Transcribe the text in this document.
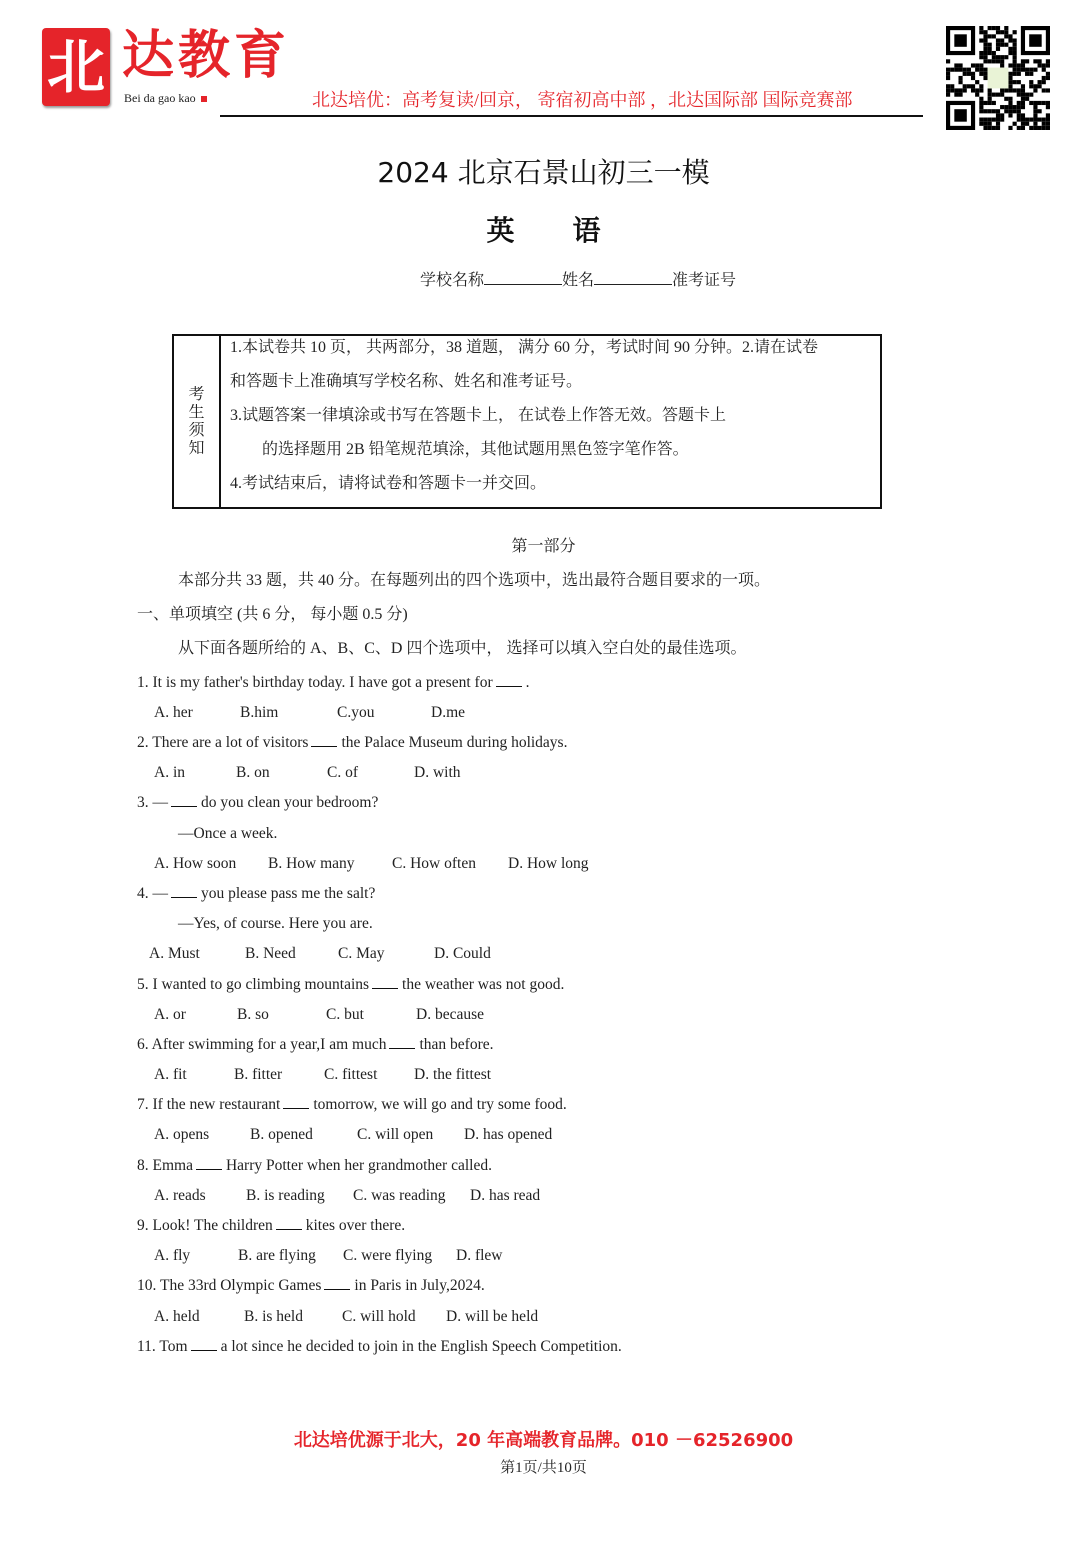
北 达教育
Bei da gao kao	北达培优：高考复读/回京， 寄宿初高中部 ，北达国际部 国际竞赛部
2024 北京石景山初三一模
英语
学校名称	姓名	准考证号
考
生
须
知
1.本试卷共 10 页， 共两部分，38 道题， 满分 60 分，考试时间 90 分钟。2.请在试卷
和答题卡上准确填写学校名称、姓名和准考证号。
3.试题答案一律填涂或书写在答题卡上， 在试卷上作答无效。答题卡上
的选择题用 2B 铅笔规范填涂，其他试题用黑色签字笔作答。
4.考试结束后，请将试卷和答题卡一并交回。
第一部分
本部分共 33 题，共 40 分。在每题列出的四个选项中，选出最符合题目要求的一项。
一、单项填空 (共 6 分， 每小题 0.5 分)
从下面各题所给的 A、B、C、D 四个选项中， 选择可以填入空白处的最佳选项。
1. It is my father's birthday today. I have got a present for .
A. her	B.him	C.you	D.me
2. There are a lot of visitors the Palace Museum during holidays.
A. in	B. on	C. of	D. with
3. — do you clean your bedroom?
—Once a week.
A. How soon B. How many C. How often D. How long
4. — you please pass me the salt?
—Yes, of course. Here you are.
A. Must	B. Need	C. May	D. Could
5. I wanted to go climbing mountains the weather was not good.
A. or	B. so	C. but	D. because
6. After swimming for a year,I am much than before.
A. fit	B. fitter	C. fittest D. the fittest
7. If the new restaurant tomorrow, we will go and try some food.
A. opens	B. opened	C. will open D. has opened
8. Emma Harry Potter when her grandmother called.
A. reads	B. is reading C. was reading D. has read
9. Look! The children kites over there.
A. fly	B. are flying C. were flying D. flew
10. The 33rd Olympic Games in Paris in July,2024.
A. held	B. is held	C. will hold D. will be held
11. Tom a lot since he decided to join in the English Speech Competition.
北达培优源于北大，20 年高端教育品牌。010 －62526900
第1页/共10页
